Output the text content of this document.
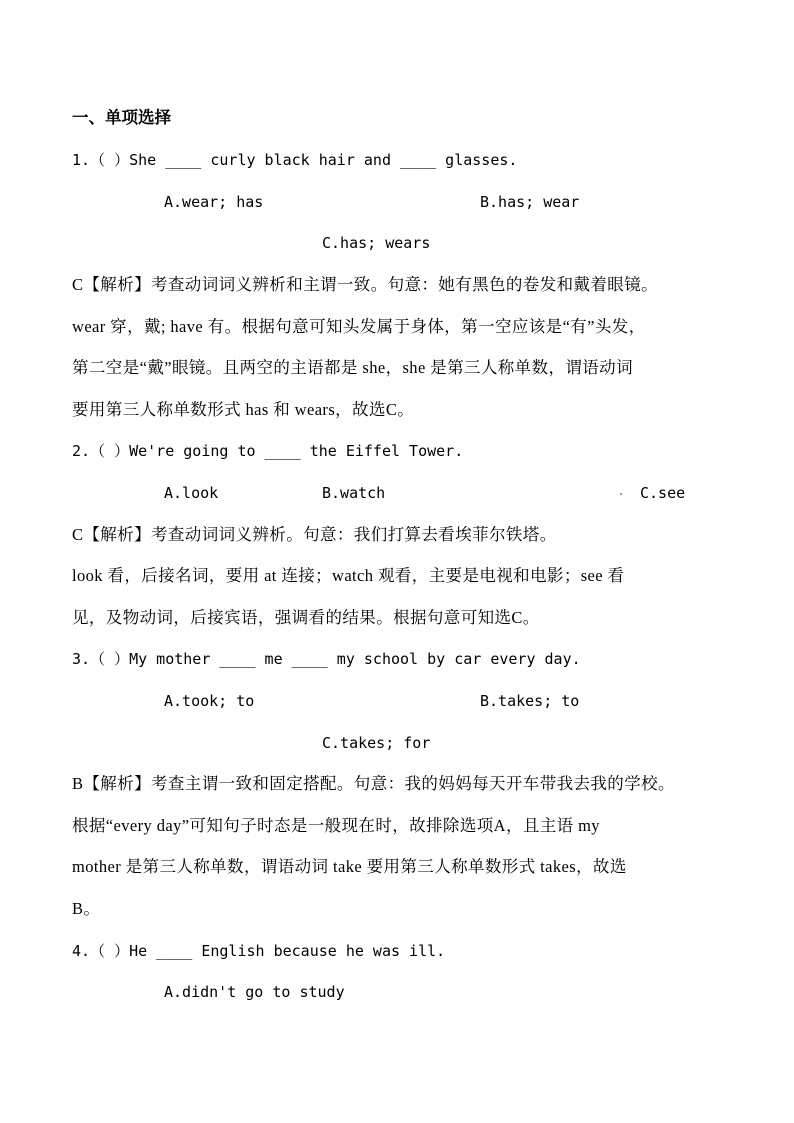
一、单项选择
1.（ ）She ____ curly black hair and ____ glasses.
A.wear; has	B.has; wear
C.has; wears
C【解析】考查动词词义辨析和主谓一致。句意：她有黑色的卷发和戴着眼镜。
wear 穿，戴; have 有。根据句意可知头发属于身体，第一空应该是“有”头发，
第二空是“戴”眼镜。且两空的主语都是 she，she 是第三人称单数，谓语动词
要用第三人称单数形式 has 和 wears，故选C。
2.（ ）We're going to ____ the Eiffel Tower.
A.look	B.watch	C.see
C【解析】考查动词词义辨析。句意：我们打算去看埃菲尔铁塔。
look 看，后接名词，要用 at 连接；watch 观看，主要是电视和电影；see 看
见，及物动词，后接宾语，强调看的结果。根据句意可知选C。
3.（ ）My mother ____ me ____ my school by car every day.
A.took; to	B.takes; to
C.takes; for
B【解析】考查主谓一致和固定搭配。句意：我的妈妈每天开车带我去我的学校。
根据“every day”可知句子时态是一般现在时，故排除选项A，且主语 my
mother 是第三人称单数，谓语动词 take 要用第三人称单数形式 takes，故选
B。
4.（ ）He ____ English because he was ill.
A.didn't go to study
